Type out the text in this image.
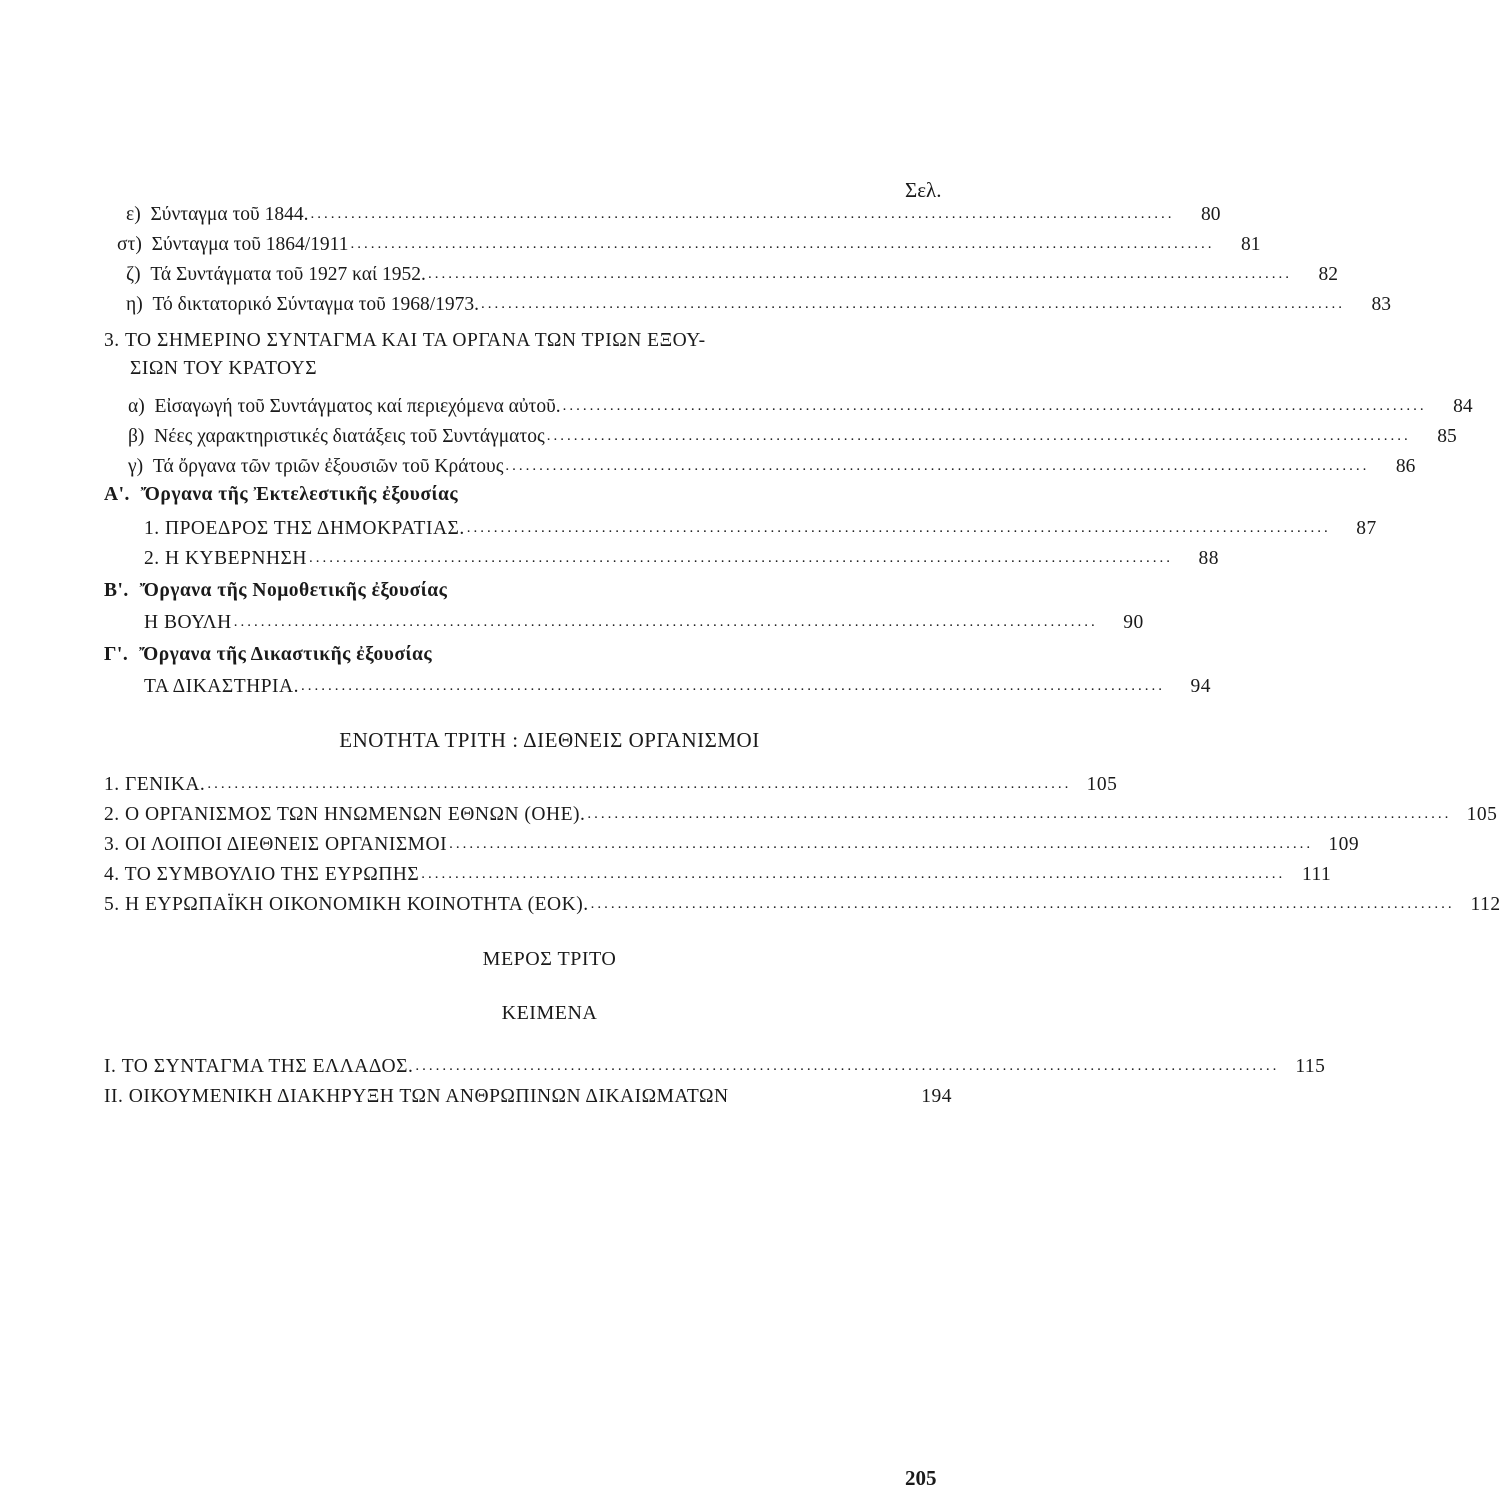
Σελ.
ε) Σύνταγμα τοῦ 1844. ................................................................................................................................	80
στ) Σύνταγμα τοῦ 1864/1911 ................................................................................................................................	81
ζ) Τά Συντάγματα τοῦ 1927 καί 1952. ................................................................................................................................	82
η) Τό δικτατορικό Σύνταγμα τοῦ 1968/1973. ................................................................................................................................	83
3. ΤΟ ΣΗΜΕΡΙΝΟ ΣΥΝΤΑΓΜΑ ΚΑΙ ΤΑ ΟΡΓΑΝΑ ΤΩΝ ΤΡΙΩΝ ΕΞΟΥ-
ΣΙΩΝ ΤΟΥ ΚΡΑΤΟΥΣ
α) Εἰσαγωγή τοῦ Συντάγματος καί περιεχόμενα αὐτοῦ. ................................................................................................................................	84
β) Νέες χαρακτηριστικές διατάξεις τοῦ Συντάγματος ................................................................................................................................	85
γ) Τά ὄργανα τῶν τριῶν ἐξουσιῶν τοῦ Κράτους ................................................................................................................................	86
Α'. Ὄργανα τῆς Ἐκτελεστικῆς ἐξουσίας
1. ΠΡΟΕΔΡΟΣ ΤΗΣ ΔΗΜΟΚΡΑΤΙΑΣ. ................................................................................................................................	87
2. Η ΚΥΒΕΡΝΗΣΗ ................................................................................................................................	88
Β'. Ὄργανα τῆς Νομοθετικῆς ἐξουσίας
Η ΒΟΥΛΗ ................................................................................................................................	90
Γ'. Ὄργανα τῆς Δικαστικῆς ἐξουσίας
ΤΑ ΔΙΚΑΣΤΗΡΙΑ. ................................................................................................................................	94
ΕΝΟΤΗΤΑ ΤΡΙΤΗ : ΔΙΕΘΝΕΙΣ ΟΡΓΑΝΙΣΜΟΙ
1. ΓΕΝΙΚΑ. ................................................................................................................................ 105
2. Ο ΟΡΓΑΝΙΣΜΟΣ ΤΩΝ ΗΝΩΜΕΝΩΝ ΕΘΝΩΝ (ΟΗΕ). ................................................................................................................................ 105
3. ΟΙ ΛΟΙΠΟΙ ΔΙΕΘΝΕΙΣ ΟΡΓΑΝΙΣΜΟΙ ................................................................................................................................ 109
4. ΤΟ ΣΥΜΒΟΥΛΙΟ ΤΗΣ ΕΥΡΩΠΗΣ ................................................................................................................................ 111
5. Η ΕΥΡΩΠΑΪΚΗ ΟΙΚΟΝΟΜΙΚΗ ΚΟΙΝΟΤΗΤΑ (ΕΟΚ). ................................................................................................................................ 112
ΜΕΡΟΣ ΤΡΙΤΟ
ΚΕΙΜΕΝΑ
I. ΤΟ ΣΥΝΤΑΓΜΑ ΤΗΣ ΕΛΛΑΔΟΣ. ................................................................................................................................ 115
II. ΟΙΚΟΥΜΕΝΙΚΗ ΔΙΑΚΗΡΥΞΗ ΤΩΝ ΑΝΘΡΩΠΙΝΩΝ ΔΙΚΑΙΩΜΑΤΩΝ	194
205
